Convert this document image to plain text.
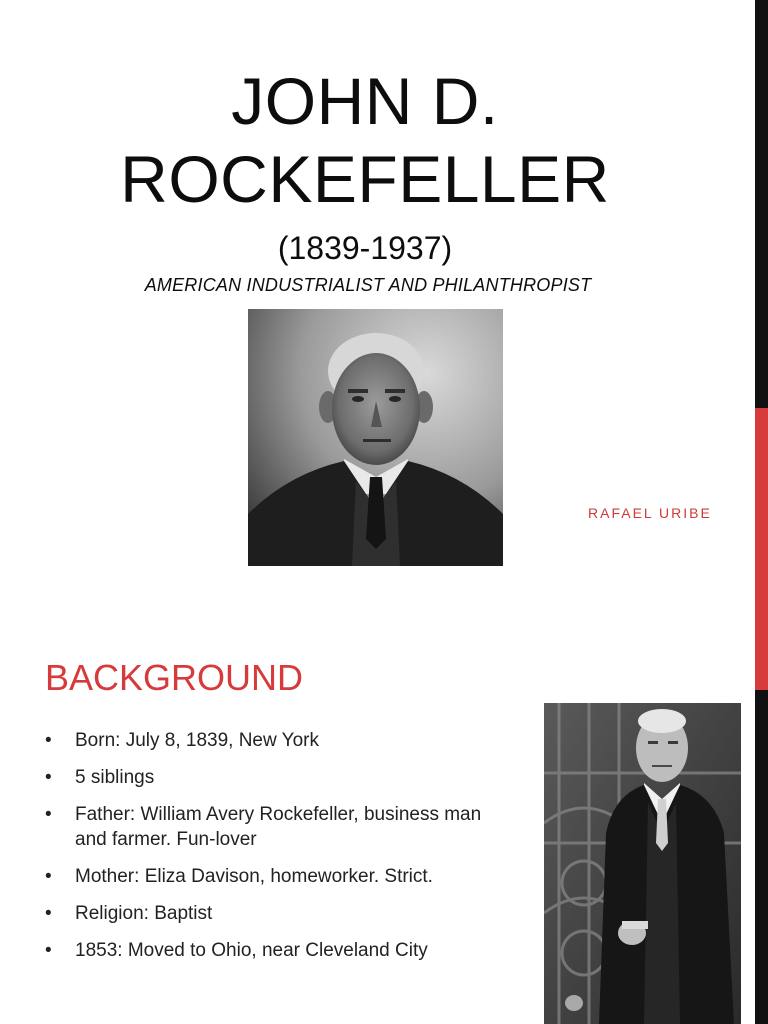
JOHN D.
ROCKEFELLER
(1839-1937)
AMERICAN INDUSTRIALIST AND PHILANTHROPIST
RAFAEL URIBE
BACKGROUND
• Born: July 8, 1839, New York
• 5 siblings
• Father: William Avery Rockefeller, business man and farmer. Fun-lover
• Mother: Eliza Davison, homeworker. Strict.
• Religion: Baptist
• 1853: Moved to Ohio, near Cleveland City
